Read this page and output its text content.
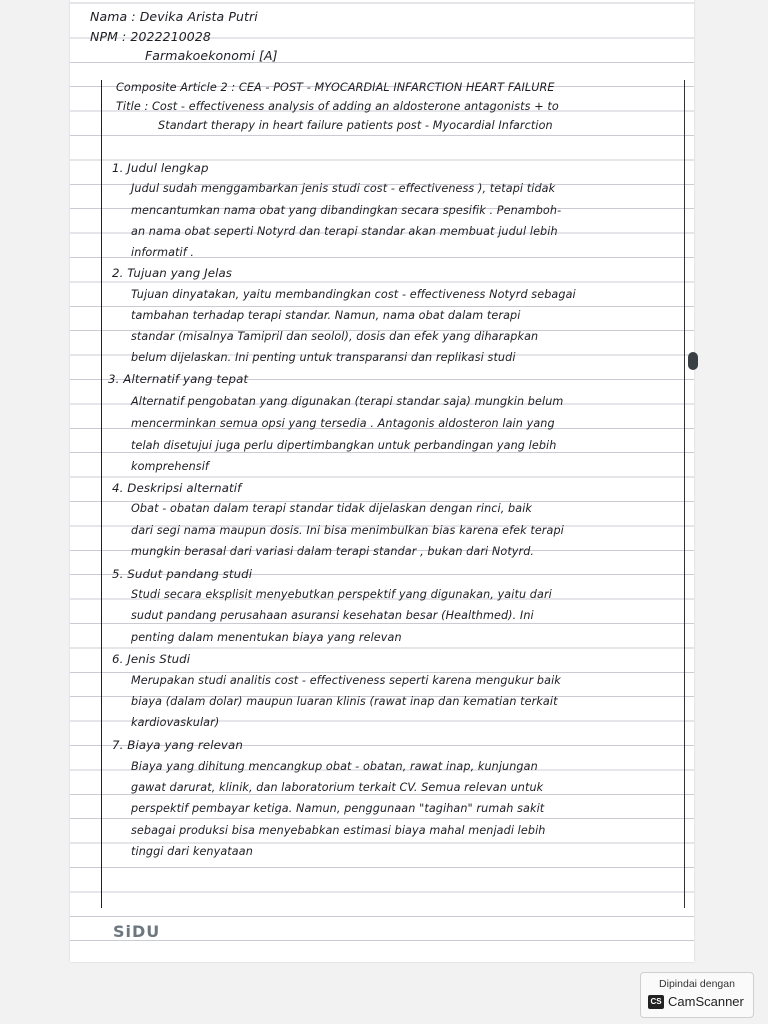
Nama : Devika Arista Putri
NPM : 2022210028
Farmakoekonomi [A]
Composite Article 2 : CEA - POST - MYOCARDIAL INFARCTION HEART FAILURE
Title : Cost - effectiveness analysis of adding an aldosterone antagonists + to
Standart therapy in heart failure patients post - Myocardial Infarction
1. Judul lengkap
Judul sudah menggambarkan jenis studi cost - effectiveness ), tetapi tidak
mencantumkan nama obat yang dibandingkan secara spesifik . Penamboh-
an nama obat seperti Notyrd dan terapi standar akan membuat judul lebih
informatif .
2. Tujuan yang Jelas
Tujuan dinyatakan, yaitu membandingkan cost - effectiveness Notyrd sebagai
tambahan terhadap terapi standar. Namun, nama obat dalam terapi
standar (misalnya Tamipril dan seolol), dosis dan efek yang diharapkan
belum dijelaskan. Ini penting untuk transparansi dan replikasi studi
3. Alternatif yang tepat
Alternatif pengobatan yang digunakan (terapi standar saja) mungkin belum
mencerminkan semua opsi yang tersedia . Antagonis aldosteron lain yang
telah disetujui juga perlu dipertimbangkan untuk perbandingan yang lebih
komprehensif
4. Deskripsi alternatif
Obat - obatan dalam terapi standar tidak dijelaskan dengan rinci, baik
dari segi nama maupun dosis. Ini bisa menimbulkan bias karena efek terapi
mungkin berasal dari variasi dalam terapi standar , bukan dari Notyrd.
5. Sudut pandang studi
Studi secara eksplisit menyebutkan perspektif yang digunakan, yaitu dari
sudut pandang perusahaan asuransi kesehatan besar (Healthmed). Ini
penting dalam menentukan biaya yang relevan
6. Jenis Studi
Merupakan studi analitis cost - effectiveness seperti karena mengukur baik
biaya (dalam dolar) maupun luaran klinis (rawat inap dan kematian terkait
kardiovaskular)
7. Biaya yang relevan
Biaya yang dihitung mencangkup obat - obatan, rawat inap, kunjungan
gawat darurat, klinik, dan laboratorium terkait CV. Semua relevan untuk
perspektif pembayar ketiga. Namun, penggunaan "tagihan" rumah sakit
sebagai produksi bisa menyebabkan estimasi biaya mahal menjadi lebih
tinggi dari kenyataan
SiDU
Dipindai dengan
CS CamScanner
